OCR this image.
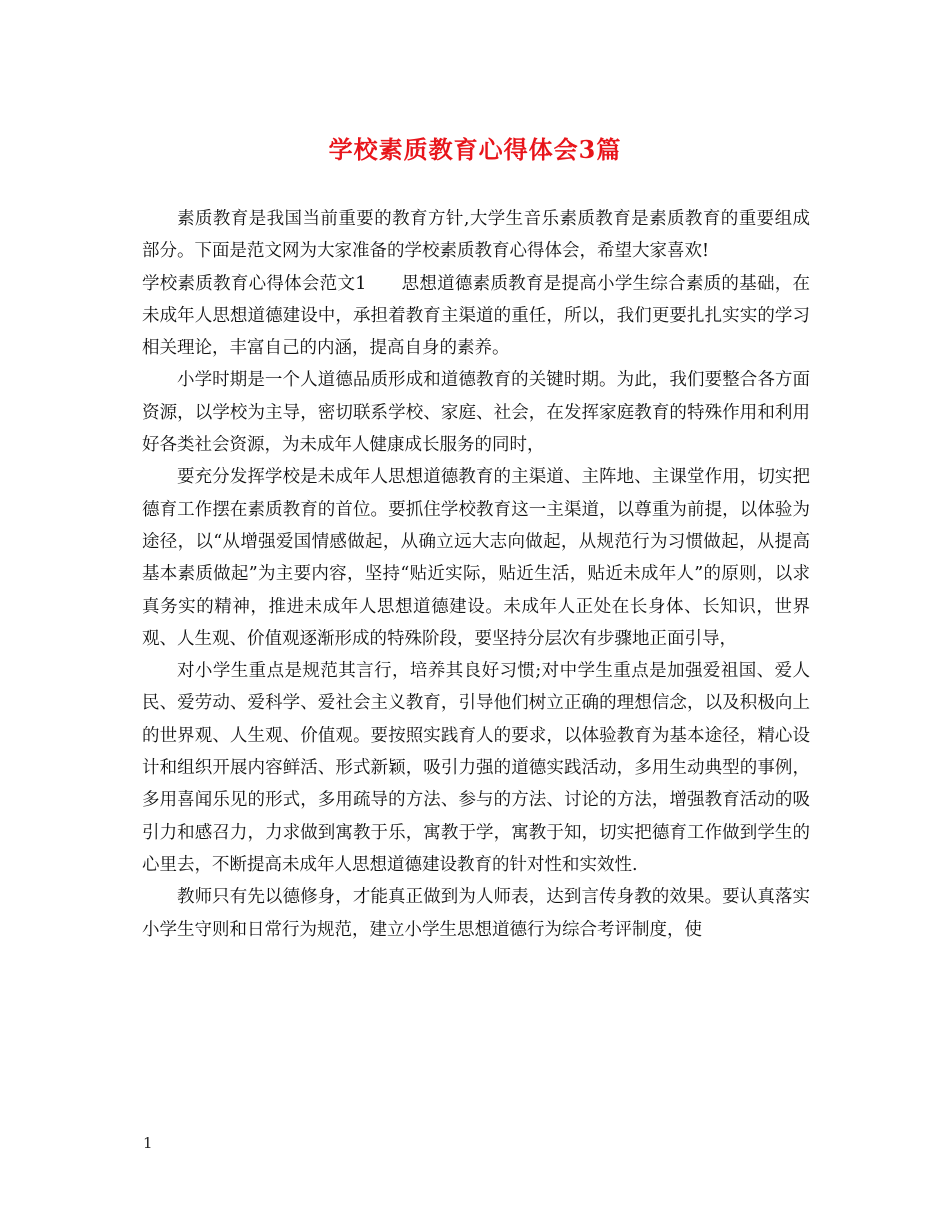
学校素质教育心得体会3篇

素质教育是我国当前重要的教育方针,大学生音乐素质教育是素质教育的重要组成部分。下面是范文网为大家准备的学校素质教育心得体会，希望大家喜欢!

学校素质教育心得体会范文1 思想道德素质教育是提高小学生综合素质的基础，在未成年人思想道德建设中，承担着教育主渠道的重任，所以，我们更要扎扎实实的学习相关理论，丰富自己的内涵，提高自身的素养。

小学时期是一个人道德品质形成和道德教育的关键时期。为此，我们要整合各方面资源，以学校为主导，密切联系学校、家庭、社会，在发挥家庭教育的特殊作用和利用好各类社会资源，为未成年人健康成长服务的同时，

要充分发挥学校是未成年人思想道德教育的主渠道、主阵地、主课堂作用，切实把德育工作摆在素质教育的首位。要抓住学校教育这一主渠道，以尊重为前提，以体验为途径，以“从增强爱国情感做起，从确立远大志向做起，从规范行为习惯做起，从提高基本素质做起”为主要内容，坚持“贴近实际，贴近生活，贴近未成年人”的原则，以求真务实的精神，推进未成年人思想道德建设。未成年人正处在长身体、长知识，世界观、人生观、价值观逐渐形成的特殊阶段，要坚持分层次有步骤地正面引导，

对小学生重点是规范其言行，培养其良好习惯;对中学生重点是加强爱祖国、爱人民、爱劳动、爱科学、爱社会主义教育，引导他们树立正确的理想信念，以及积极向上的世界观、人生观、价值观。要按照实践育人的要求，以体验教育为基本途径，精心设计和组织开展内容鲜活、形式新颖，吸引力强的道德实践活动，多用生动典型的事例，多用喜闻乐见的形式，多用疏导的方法、参与的方法、讨论的方法，增强教育活动的吸引力和感召力，力求做到寓教于乐，寓教于学，寓教于知，切实把德育工作做到学生的心里去，不断提高未成年人思想道德建设教育的针对性和实效性.

教师只有先以德修身，才能真正做到为人师表，达到言传身教的效果。要认真落实小学生守则和日常行为规范，建立小学生思想道德行为综合考评制度，使

1
